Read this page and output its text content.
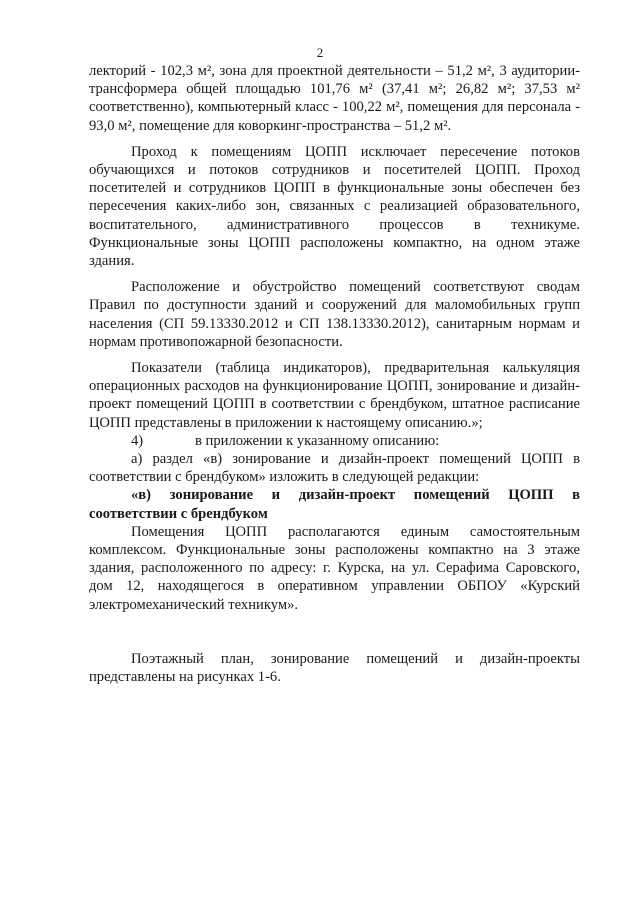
2

лекторий - 102,3 м², зона для проектной деятельности – 51,2 м², 3 аудитории-трансформера общей площадью 101,76 м² (37,41 м²; 26,82 м²; 37,53 м² соответственно), компьютерный класс - 100,22 м², помещения для персонала - 93,0 м², помещение для коворкинг-пространства – 51,2 м².

Проход к помещениям ЦОПП исключает пересечение потоков обучающихся и потоков сотрудников и посетителей ЦОПП. Проход посетителей и сотрудников ЦОПП в функциональные зоны обеспечен без пересечения каких-либо зон, связанных с реализацией образовательного, воспитательного, административного процессов в техникуме. Функциональные зоны ЦОПП расположены компактно, на одном этаже здания.

Расположение и обустройство помещений соответствуют сводам Правил по доступности зданий и сооружений для маломобильных групп населения (СП 59.13330.2012 и СП 138.13330.2012), санитарным нормам и нормам противопожарной безопасности.

Показатели (таблица индикаторов), предварительная калькуляция операционных расходов на функционирование ЦОПП, зонирование и дизайн-проект помещений ЦОПП в соответствии с брендбуком, штатное расписание ЦОПП представлены в приложении к настоящему описанию.»;

4)	в приложении к указанному описанию:

а) раздел «в) зонирование и дизайн-проект помещений ЦОПП в соответствии с брендбуком» изложить в следующей редакции:

«в) зонирование и дизайн-проект помещений ЦОПП в соответствии с брендбуком

Помещения ЦОПП располагаются единым самостоятельным комплексом. Функциональные зоны расположены компактно на 3 этаже здания, расположенного по адресу: г. Курска, на ул. Серафима Саровского, дом 12, находящегося в оперативном управлении ОБПОУ «Курский электромеханический техникум».

Поэтажный план, зонирование помещений и дизайн-проекты представлены на рисунках 1-6.
